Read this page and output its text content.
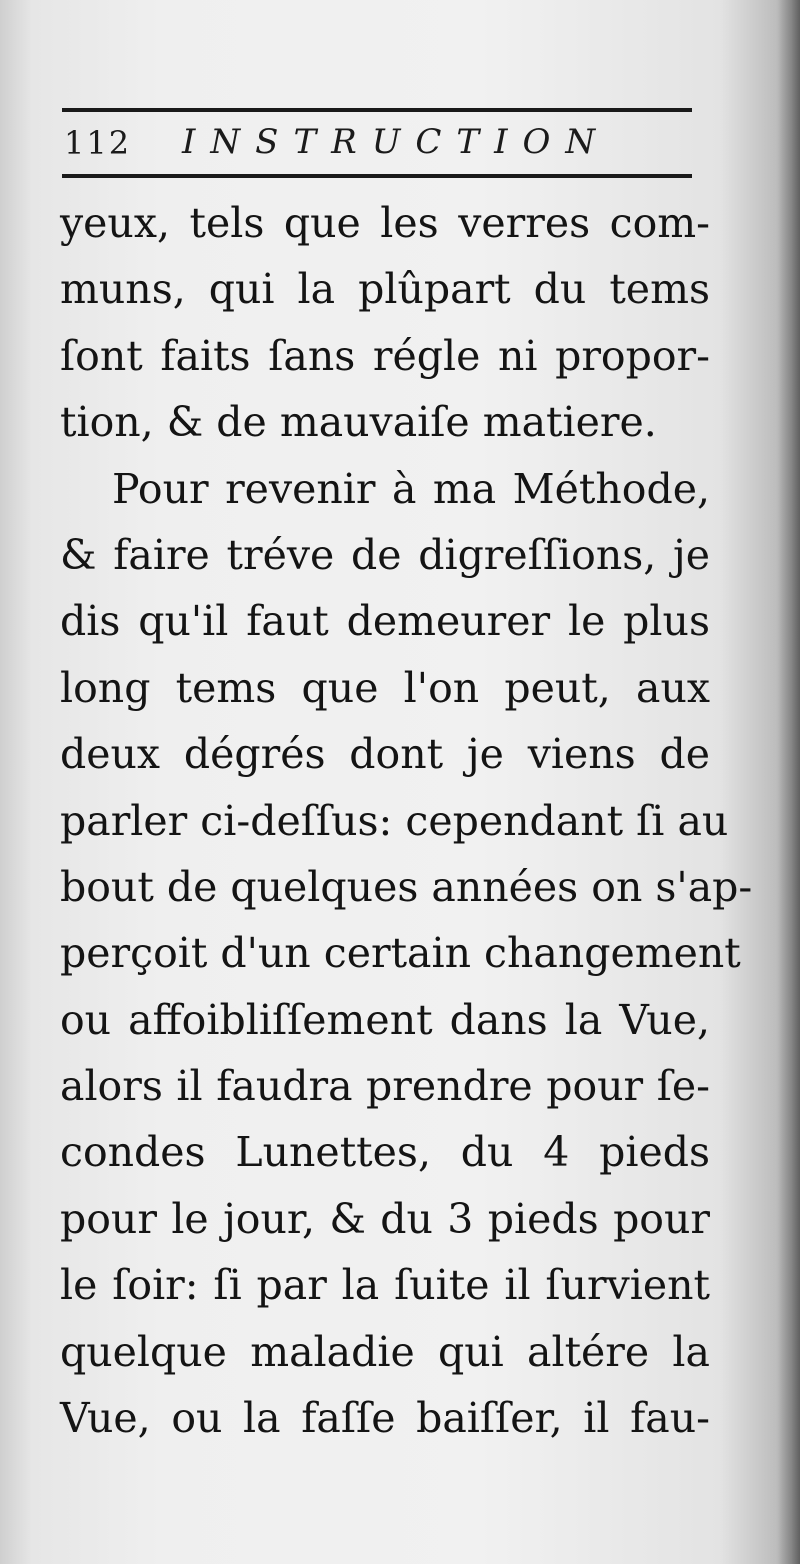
112 INSTRUCTION
yeux, tels que les verres com-
muns, qui la plûpart du tems
ſont faits ſans régle ni propor-
tion, & de mauvaiſe matiere.
Pour revenir à ma Méthode,
& faire tréve de digreſſions, je
dis qu'il faut demeurer le plus
long tems que l'on peut, aux
deux dégrés dont je viens de
parler ci-deſſus: cependant ſi au
bout de quelques années on s'ap-
perçoit d'un certain changement
ou affoibliſſement dans la Vue,
alors il faudra prendre pour ſe-
condes Lunettes, du 4 pieds
pour le jour, & du 3 pieds pour
le ſoir: ſi par la ſuite il ſurvient
quelque maladie qui altére la
Vue, ou la faſſe baiſſer, il fau-
